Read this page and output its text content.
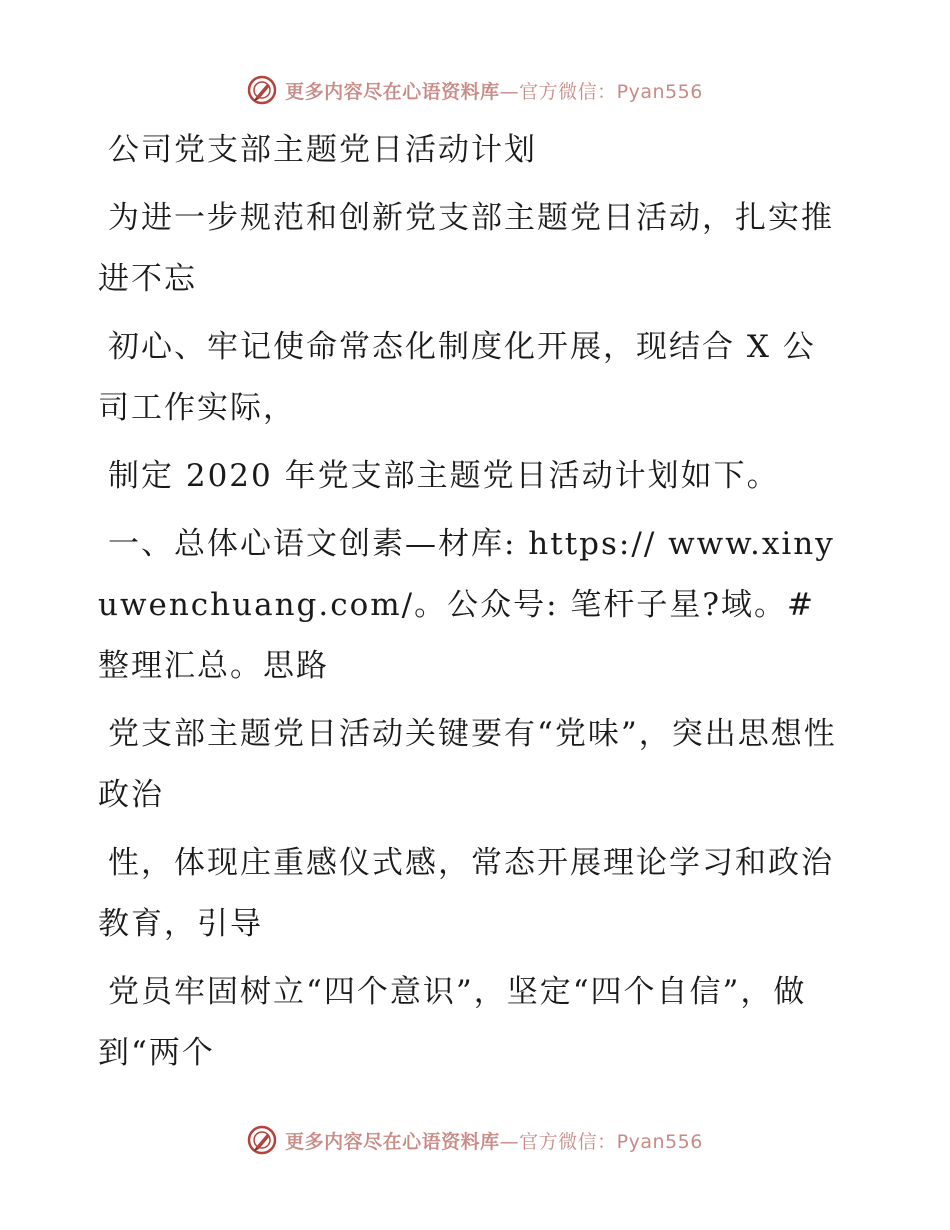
更多内容尽在心语资料库—官方微信：Pyan556

公司党支部主题党日活动计划

为进一步规范和创新党支部主题党日活动，扎实推进不忘

初心、牢记使命常态化制度化开展，现结合 X 公司工作实际，

制定 2020 年党支部主题党日活动计划如下。

一、总体心语文创素—材库: https:// www.xinyuwenchuang.com/。公众号: 笔杆子星?域。#整理汇总。思路

党支部主题党日活动关键要有“党味”，突出思想性政治

性，体现庄重感仪式感，常态开展理论学习和政治教育，引导

党员牢固树立“四个意识”，坚定“四个自信”，做到“两个

更多内容尽在心语资料库—官方微信：Pyan556
